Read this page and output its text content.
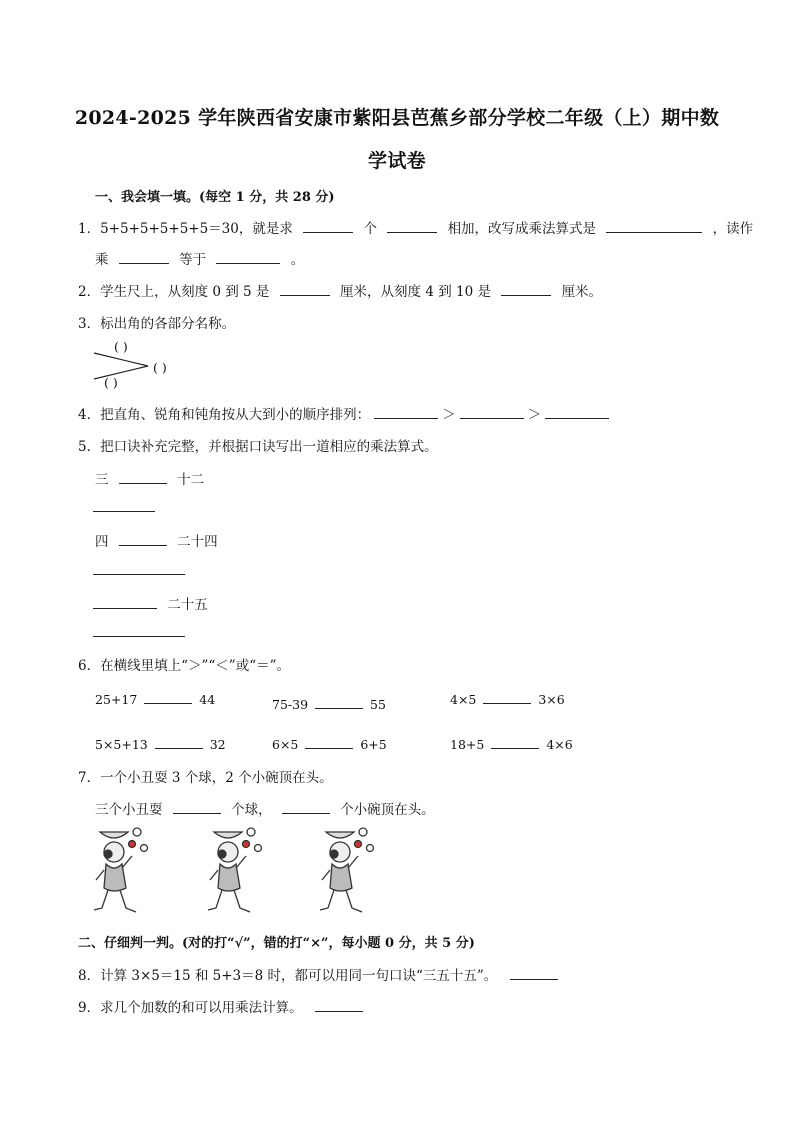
2024-2025 学年陕西省安康市紫阳县芭蕉乡部分学校二年级（上）期中数
学试卷
一、我会填一填。(每空 1 分，共 28 分)
1．5+5+5+5+5+5＝30，就是求	个	相加，改写成乘法算式是	，读作
乘	等于	。
2．学生尺上，从刻度 0 到 5 是	厘米，从刻度 4 到 10 是	厘米。
3．标出角的各部分名称。
( )
( )
( )
4．把直角、锐角和钝角按从大到小的顺序排列：	＞	＞
5．把口诀补充完整，并根据口诀写出一道相应的乘法算式。
三	十二
四	二十四
二十五
6．在横线里填上“＞”“＜”或“＝”。
25+17	44	75-39	55	4×5	3×6
5×5+13	32	6×5	6+5	18+5	4×6
7．一个小丑耍 3 个球，2 个小碗顶在头。
三个小丑耍	个球，	个小碗顶在头。
二、仔细判一判。(对的打“√”，错的打“×”，每小题 0 分，共 5 分)
8．计算 3×5＝15 和 5+3＝8 时，都可以用同一句口诀“三五十五”。
9．求几个加数的和可以用乘法计算。
